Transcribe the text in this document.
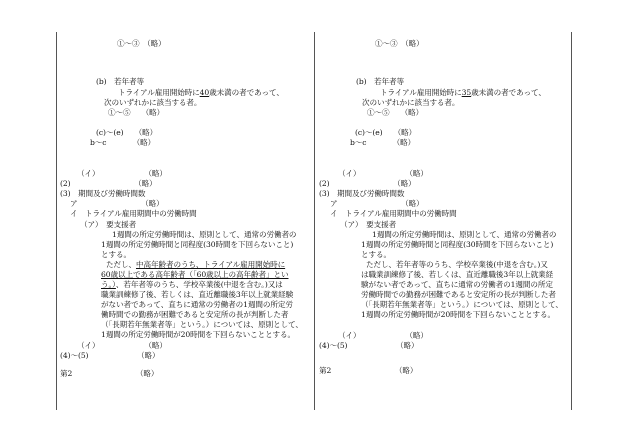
①～③　（略）
(b)　若年者等
トライアル雇用開始時に40歳未満の者であって、
次のいずれかに該当する者。
①～⑤　　（略）
(c)～(e)　　（略）
b～c　　　　（略）
（イ）　　　　　　　（略）
(2)　　　　　　　　　（略）
(3)　期間及び労働時間数
ア　　　　　　　　　（略）
イ　トライアル雇用期間中の労働時間
（ア）　要支援者
1週間の所定労働時間は、原則として、通常の労働者の
1週間の所定労働時間と同程度(30時間を下回らないこと)
とする。
ただし、中高年齢者のうち、トライアル雇用開始時に
60歳以上である高年齢者（「60歳以上の高年齢者」とい
う。）、若年者等のうち、学校卒業後(中退を含む。)又は
職業訓練修了後、若しくは、直近離職後3年以上就業経験
がない者であって、直ちに通常の労働者の1週間の所定労
働時間での勤務が困難であると安定所の長が判断した者
（「長期若年無業者等」という。）については、原則として、
1週間の所定労働時間が20時間を下回らないこととする。
（イ）　　　　　　　（略）
(4)～(5)　　　　　　　（略）
第2　　　　　　　　　（略）
①～③　（略）
(b)　若年者等
トライアル雇用開始時に35歳未満の者であって、
次のいずれかに該当する者。
①～⑤　　（略）
(c)～(e)　　（略）
b～c　　　　（略）
（イ）　　　　　　　（略）
(2)　　　　　　　　　（略）
(3)　期間及び労働時間数
ア　　　　　　　　　（略）
イ　トライアル雇用期間中の労働時間
（ア）　要支援者
1週間の所定労働時間は、原則として、通常の労働者の
1週間の所定労働時間と同程度(30時間を下回らないこと)
とする。
ただし、若年者等のうち、学校卒業後(中退を含む。)又
は職業訓練修了後、若しくは、直近離職後3年以上就業経
験がない者であって、直ちに通常の労働者の1週間の所定
労働時間での勤務が困難であると安定所の長が判断した者
（「長期若年無業者等」という。）については、原則として、
1週間の所定労働時間が20時間を下回らないこととする。
（イ）　　　　　　　（略）
(4)～(5)　　　　　　　（略）
第2　　　　　　　　　（略）
